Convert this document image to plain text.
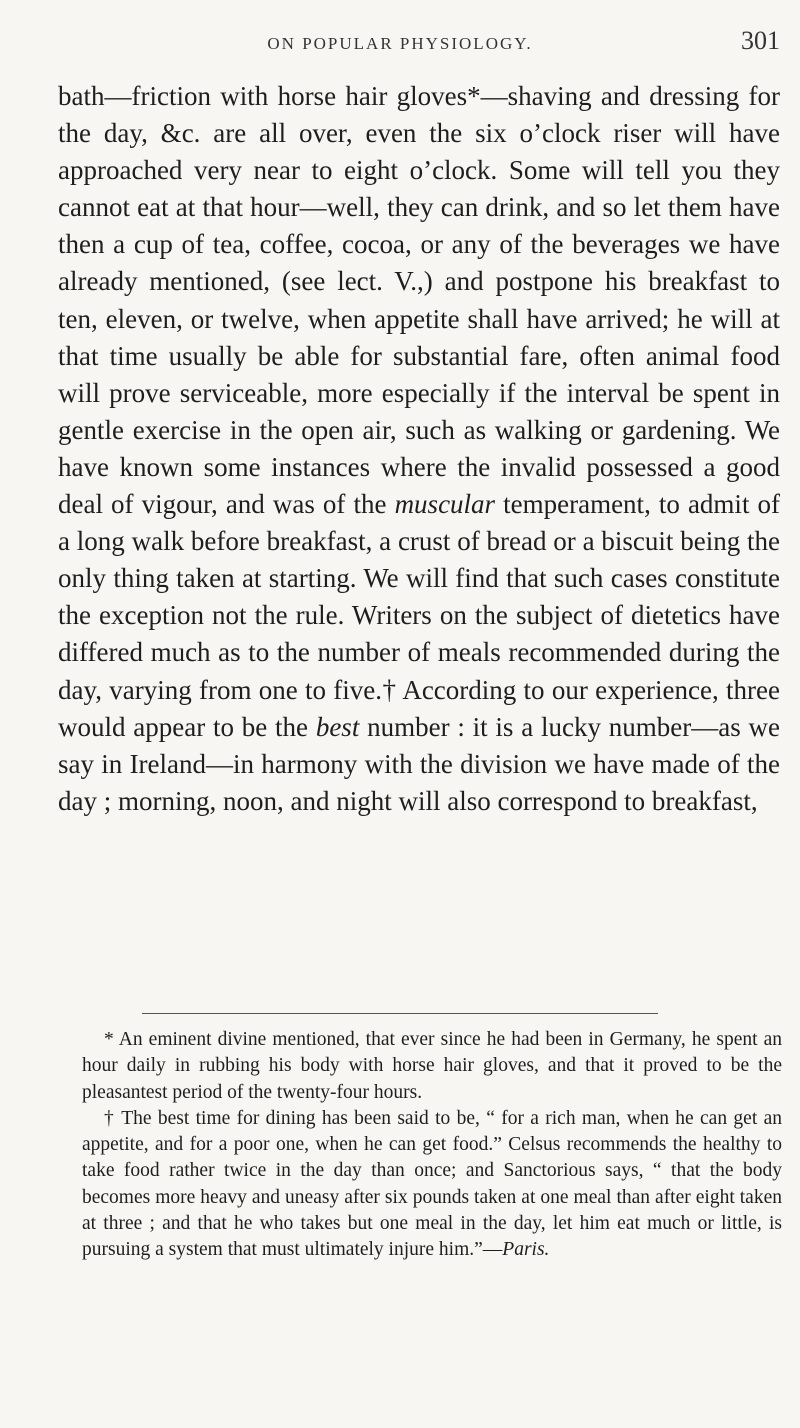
ON POPULAR PHYSIOLOGY.	301

bath—friction with horse hair gloves*—shaving and dressing for the day, &c. are all over, even the six o’clock riser will have approached very near to eight o’clock. Some will tell you they cannot eat at that hour—well, they can drink, and so let them have then a cup of tea, coffee, cocoa, or any of the beverages we have already mentioned, (see lect. V.,) and postpone his breakfast to ten, eleven, or twelve, when appetite shall have arrived; he will at that time usually be able for substantial fare, often animal food will prove serviceable, more especially if the interval be spent in gentle exercise in the open air, such as walking or gardening. We have known some instances where the invalid possessed a good deal of vigour, and was of the muscular temperament, to admit of a long walk before breakfast, a crust of bread or a biscuit being the only thing taken at starting. We will find that such cases constitute the exception not the rule. Writers on the subject of dietetics have differed much as to the number of meals recommended during the day, varying from one to five.† According to our experience, three would appear to be the best number : it is a lucky number—as we say in Ireland—in harmony with the division we have made of the day ; morning, noon, and night will also correspond to breakfast,

* An eminent divine mentioned, that ever since he had been in Germany, he spent an hour daily in rubbing his body with horse hair gloves, and that it proved to be the pleasantest period of the twenty-four hours.

† The best time for dining has been said to be, “ for a rich man, when he can get an appetite, and for a poor one, when he can get food.” Celsus recommends the healthy to take food rather twice in the day than once; and Sanctorious says, “ that the body becomes more heavy and uneasy after six pounds taken at one meal than after eight taken at three ; and that he who takes but one meal in the day, let him eat much or little, is pursuing a system that must ultimately injure him.”—Paris.
